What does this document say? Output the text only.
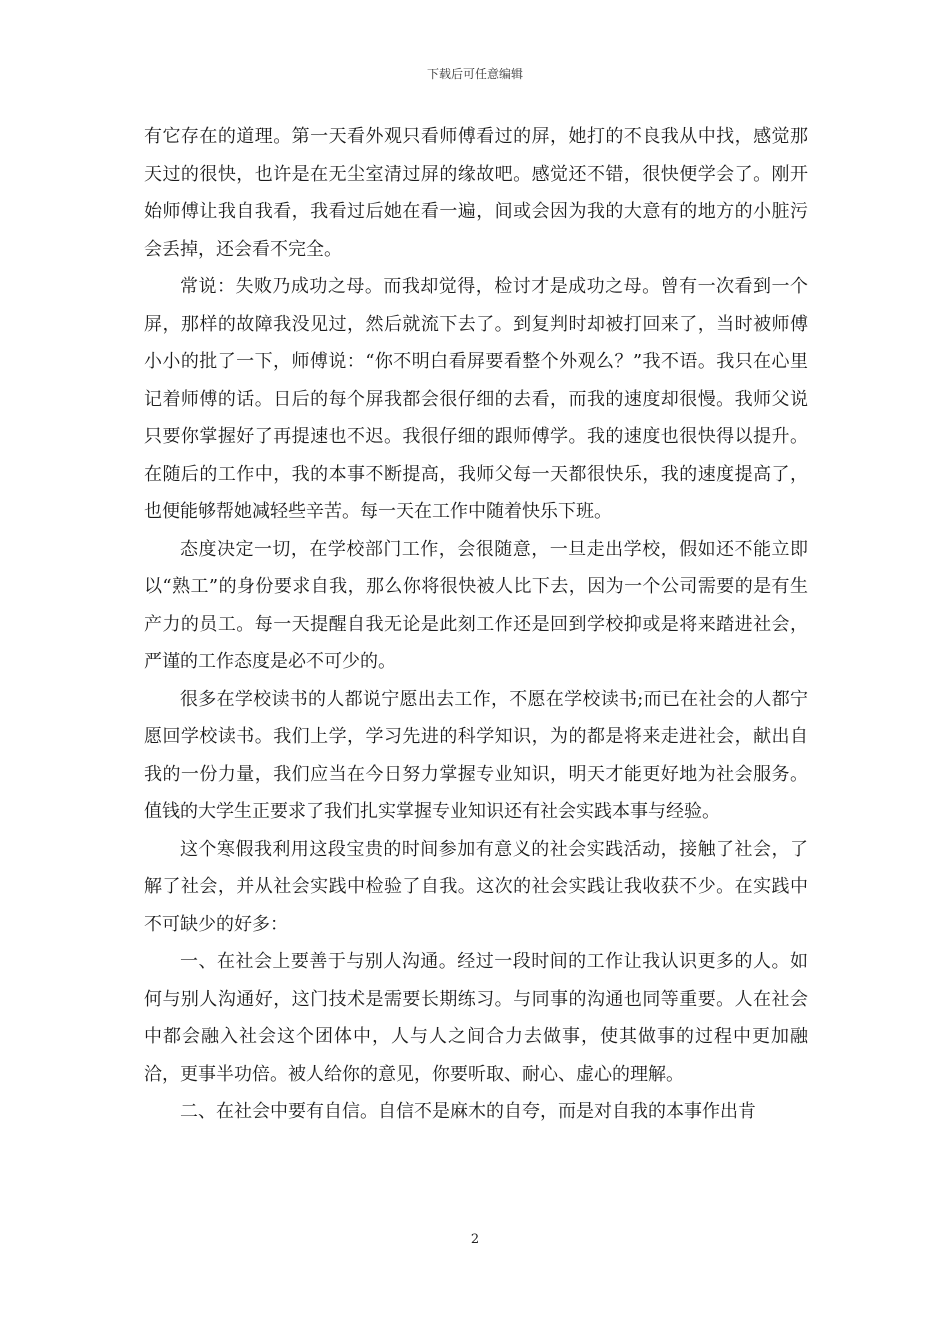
下载后可任意编辑

有它存在的道理。第一天看外观只看师傅看过的屏，她打的不良我从中找，感觉那天过的很快，也许是在无尘室清过屏的缘故吧。感觉还不错，很快便学会了。刚开始师傅让我自我看，我看过后她在看一遍，间或会因为我的大意有的地方的小脏污会丢掉，还会看不完全。

常说：失败乃成功之母。而我却觉得，检讨才是成功之母。曾有一次看到一个屏，那样的故障我没见过，然后就流下去了。到复判时却被打回来了，当时被师傅小小的批了一下，师傅说：“你不明白看屏要看整个外观么？”我不语。我只在心里记着师傅的话。日后的每个屏我都会很仔细的去看，而我的速度却很慢。我师父说只要你掌握好了再提速也不迟。我很仔细的跟师傅学。我的速度也很快得以提升。在随后的工作中，我的本事不断提高，我师父每一天都很快乐，我的速度提高了，也便能够帮她减轻些辛苦。每一天在工作中随着快乐下班。

态度决定一切，在学校部门工作，会很随意，一旦走出学校，假如还不能立即以“熟工”的身份要求自我，那么你将很快被人比下去，因为一个公司需要的是有生产力的员工。每一天提醒自我无论是此刻工作还是回到学校抑或是将来踏进社会，严谨的工作态度是必不可少的。

很多在学校读书的人都说宁愿出去工作，不愿在学校读书;而已在社会的人都宁愿回学校读书。我们上学，学习先进的科学知识，为的都是将来走进社会，献出自我的一份力量，我们应当在今日努力掌握专业知识，明天才能更好地为社会服务。值钱的大学生正要求了我们扎实掌握专业知识还有社会实践本事与经验。

这个寒假我利用这段宝贵的时间参加有意义的社会实践活动，接触了社会，了解了社会，并从社会实践中检验了自我。这次的社会实践让我收获不少。在实践中不可缺少的好多：

一、在社会上要善于与别人沟通。经过一段时间的工作让我认识更多的人。如何与别人沟通好，这门技术是需要长期练习。与同事的沟通也同等重要。人在社会中都会融入社会这个团体中，人与人之间合力去做事，使其做事的过程中更加融洽，更事半功倍。被人给你的意见，你要听取、耐心、虚心的理解。

二、在社会中要有自信。自信不是麻木的自夸，而是对自我的本事作出肯

2
